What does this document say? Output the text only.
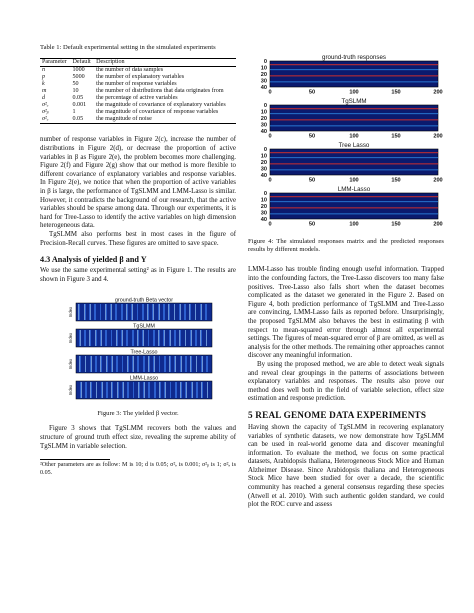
Table 1: Default experimental setting in the simulated experiments

Parameter	Default	Description
n	1000	the number of data samples
p	5000	the number of explanatory variables
k	50	the number of response variables
m	10	the number of distributions that data originates from
d	0.05	the percentage of active variables
σ²ₑ	0.001	the magnitude of covariance of explanatory variables
σ²ᵦ	1	the magnitude of covariance of response variables
σ²ₑ	0.05	the magnitude of noise

number of response variables in Figure 2(c), increase the number of distributions in Figure 2(d), or decrease the proportion of active variables in β as Figure 2(e), the problem becomes more challenging. Figure 2(f) and Figure 2(g) show that our method is more flexible to different covariance of explanatory variables and response variables. In Figure 2(e), we notice that when the proportion of active variables in β is large, the performance of TgSLMM and LMM-Lasso is similar. However, it contradicts the background of our research, that the active variables should be sparse among data. Through our experiments, it is hard for Tree-Lasso to identify the active variables on high dimension heterogeneous data.

TgSLMM also performs best in most cases in the figure of Precision-Recall curves. These figures are omitted to save space.

4.3 Analysis of yielded β and Y

We use the same experimental setting² as in Figure 1. The results are shown in Figure 3 and 4.

ground-truth Beta vector
Index
TgSLMM
Index
Tree-Lasso
Index
LMM-Lasso
Index

Figure 3: The yielded β vector.

Figure 3 shows that TgSLMM recovers both the values and structure of ground truth effect size, revealing the supreme ability of TgSLMM in variable selection.

²Other parameters are as follow: M is 10; d is 0.05; σ²ₑ is 0.001; σ²ᵦ is 1; σ²ₑ is 0.05.

ground-truth responses
0
10
20
30
40
0	50	100	150	200
TgSLMM
0
10
20
30
40
0	50	100	150	200
Tree Lasso
0
10
20
30
40
0	50	100	150	200
LMM-Lasso
0
10
20
30
40
0	50	100	150	200

Figure 4: The simulated responses matrix and the predicted responses results by different models.

LMM-Lasso has trouble finding enough useful information. Trapped into the confounding factors, the Tree-Lasso discovers too many false positives. Tree-Lasso also falls short when the dataset becomes complicated as the dataset we generated in the Figure 2. Based on Figure 4, both prediction performance of TgSLMM and Tree-Lasso are convincing, LMM-Lasso fails as reported before. Unsurprisingly, the proposed TgSLMM also behaves the best in estimating β with respect to mean-squared error through almost all experimental settings. The figures of mean-squared error of β are omitted, as well as analysis for the other methods. The remaining other approaches cannot discover any meaningful information.

By using the proposed method, we are able to detect weak signals and reveal clear groupings in the patterns of associations between explanatory variables and responses. The results also prove our method does well both in the field of variable selection, effect size estimation and response prediction.

5 REAL GENOME DATA EXPERIMENTS

Having shown the capacity of TgSLMM in recovering explanatory variables of synthetic datasets, we now demonstrate how TgSLMM can be used in real-world genome data and discover meaningful information. To evaluate the method, we focus on some practical datasets, Arabidopsis thaliana, Heterogeneous Stock Mice and Human Alzheimer Disease. Since Arabidopsis thaliana and Heterogeneous Stock Mice have been studied for over a decade, the scientific community has reached a general consensus regarding these species (Atwell et al. 2010). With such authentic golden standard, we could plot the ROC curve and assess
